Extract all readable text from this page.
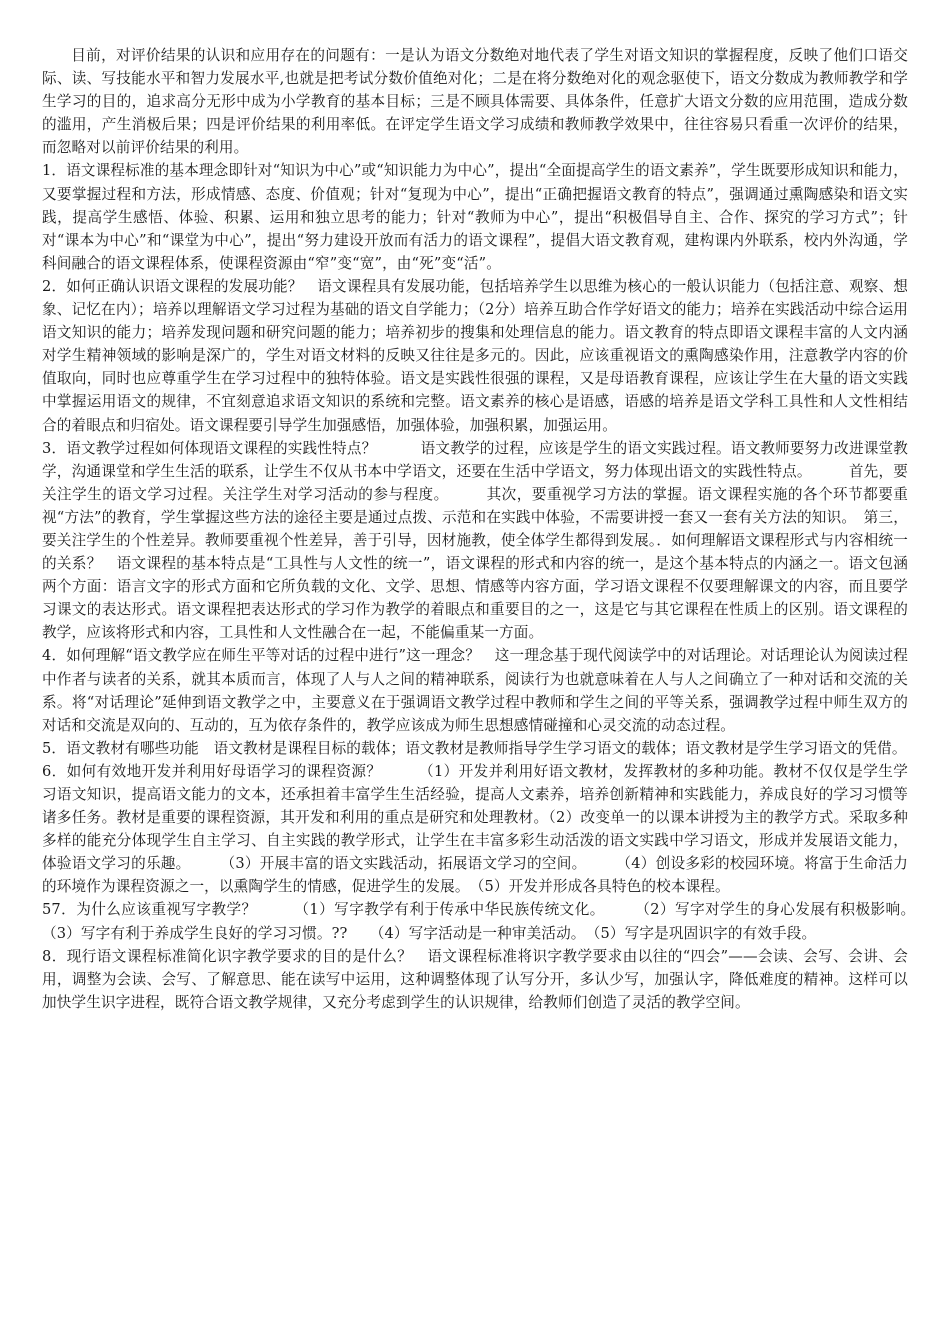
目前，对评价结果的认识和应用存在的问题有：一是认为语文分数绝对地代表了学生对语文知识的掌握程度，反映了他们口语交际、读、写技能水平和智力发展水平,也就是把考试分数价值绝对化；二是在将分数绝对化的观念驱使下，语文分数成为教师教学和学生学习的目的，追求高分无形中成为小学教育的基本目标；三是不顾具体需要、具体条件，任意扩大语文分数的应用范围，造成分数的滥用，产生消极后果；四是评价结果的利用率低。在评定学生语文学习成绩和教师教学效果中，往往容易只看重一次评价的结果，而忽略对以前评价结果的利用。

1．语文课程标准的基本理念即针对“知识为中心”或“知识能力为中心”，提出“全面提高学生的语文素养”，学生既要形成知识和能力，又要掌握过程和方法，形成情感、态度、价值观；针对“复现为中心”，提出“正确把握语文教育的特点”，强调通过熏陶感染和语文实践，提高学生感悟、体验、积累、运用和独立思考的能力；针对“教师为中心”，提出“积极倡导自主、合作、探究的学习方式”；针对“课本为中心”和“课堂为中心”，提出“努力建设开放而有活力的语文课程”，提倡大语文教育观，建构课内外联系，校内外沟通，学科间融合的语文课程体系，使课程资源由“窄”变“宽”，由“死”变“活”。

2．如何正确认识语文课程的发展功能？　语文课程具有发展功能，包括培养学生以思维为核心的一般认识能力（包括注意、观察、想象、记忆在内）；培养以理解语文学习过程为基础的语文自学能力；（2分）培养互助合作学好语文的能力；培养在实践活动中综合运用语文知识的能力；培养发现问题和研究问题的能力；培养初步的搜集和处理信息的能力。语文教育的特点即语文课程丰富的人文内涵对学生精神领域的影响是深广的，学生对语文材料的反映又往往是多元的。因此，应该重视语文的熏陶感染作用，注意教学内容的价值取向，同时也应尊重学生在学习过程中的独特体验。语文是实践性很强的课程，又是母语教育课程，应该让学生在大量的语文实践中掌握运用语文的规律，不宜刻意追求语文知识的系统和完整。语文素养的核心是语感，语感的培养是语文学科工具性和人文性相结合的着眼点和归宿处。语文课程要引导学生加强感悟，加强体验，加强积累，加强运用。

3．语文教学过程如何体现语文课程的实践性特点？　　　语文教学的过程，应该是学生的语文实践过程。语文教师要努力改进课堂教学，沟通课堂和学生生活的联系，让学生不仅从书本中学语文，还要在生活中学语文，努力体现出语文的实践性特点。　　　首先，要关注学生的语文学习过程。关注学生对学习活动的参与程度。　　　其次，要重视学习方法的掌握。语文课程实施的各个环节都要重视“方法”的教育，学生掌握这些方法的途径主要是通过点拨、示范和在实践中体验，不需要讲授一套又一套有关方法的知识。　第三，要关注学生的个性差异。教师要重视个性差异，善于引导，因材施教，使全体学生都得到发展。．如何理解语文课程形式与内容相统一的关系？　语文课程的基本特点是“工具性与人文性的统一”，语文课程的形式和内容的统一，是这个基本特点的内涵之一。语文包涵两个方面：语言文字的形式方面和它所负载的文化、文学、思想、情感等内容方面，学习语文课程不仅要理解课文的内容，而且要学习课文的表达形式。语文课程把表达形式的学习作为教学的着眼点和重要目的之一，这是它与其它课程在性质上的区别。语文课程的教学，应该将形式和内容，工具性和人文性融合在一起，不能偏重某一方面。

4．如何理解“语文教学应在师生平等对话的过程中进行”这一理念？　这一理念基于现代阅读学中的对话理论。对话理论认为阅读过程中作者与读者的关系，就其本质而言，体现了人与人之间的精神联系，阅读行为也就意味着在人与人之间确立了一种对话和交流的关系。将“对话理论”延伸到语文教学之中，主要意义在于强调语文教学过程中教师和学生之间的平等关系，强调教学过程中师生双方的对话和交流是双向的、互动的，互为依存条件的，教学应该成为师生思想感情碰撞和心灵交流的动态过程。

5．语文教材有哪些功能　语文教材是课程目标的载体；语文教材是教师指导学生学习语文的载体；语文教材是学生学习语文的凭借。

6．如何有效地开发并利用好母语学习的课程资源？　　　（1）开发并利用好语文教材，发挥教材的多种功能。教材不仅仅是学生学习语文知识，提高语文能力的文本，还承担着丰富学生生活经验，提高人文素养，培养创新精神和实践能力，养成良好的学习习惯等诸多任务。教材是重要的课程资源，其开发和利用的重点是研究和处理教材。（2）改变单一的以课本讲授为主的教学方式。采取多种多样的能充分体现学生自主学习、自主实践的教学形式，让学生在丰富多彩生动活泼的语文实践中学习语文，形成并发展语文能力，体验语文学习的乐趣。　　　（3）开展丰富的语文实践活动，拓展语文学习的空间。　　　（4）创设多彩的校园环境。将富于生命活力的环境作为课程资源之一，以熏陶学生的情感，促进学生的发展。　（5）开发并形成各具特色的校本课程。

57．为什么应该重视写字教学？　　　（1）写字教学有利于传承中华民族传统文化。　　　（2）写字对学生的身心发展有积极影响。　　（3）写字有利于养成学生良好的学习习惯。??　　（4）写字活动是一种审美活动。　（5）写字是巩固识字的有效手段。

8．现行语文课程标准简化识字教学要求的目的是什么？　语文课程标准将识字教学要求由以往的“四会”——会读、会写、会讲、会用，调整为会读、会写、了解意思、能在读写中运用，这种调整体现了认写分开，多认少写，加强认字，降低难度的精神。这样可以加快学生识字进程，既符合语文教学规律，又充分考虑到学生的认识规律，给教师们创造了灵活的教学空间。
